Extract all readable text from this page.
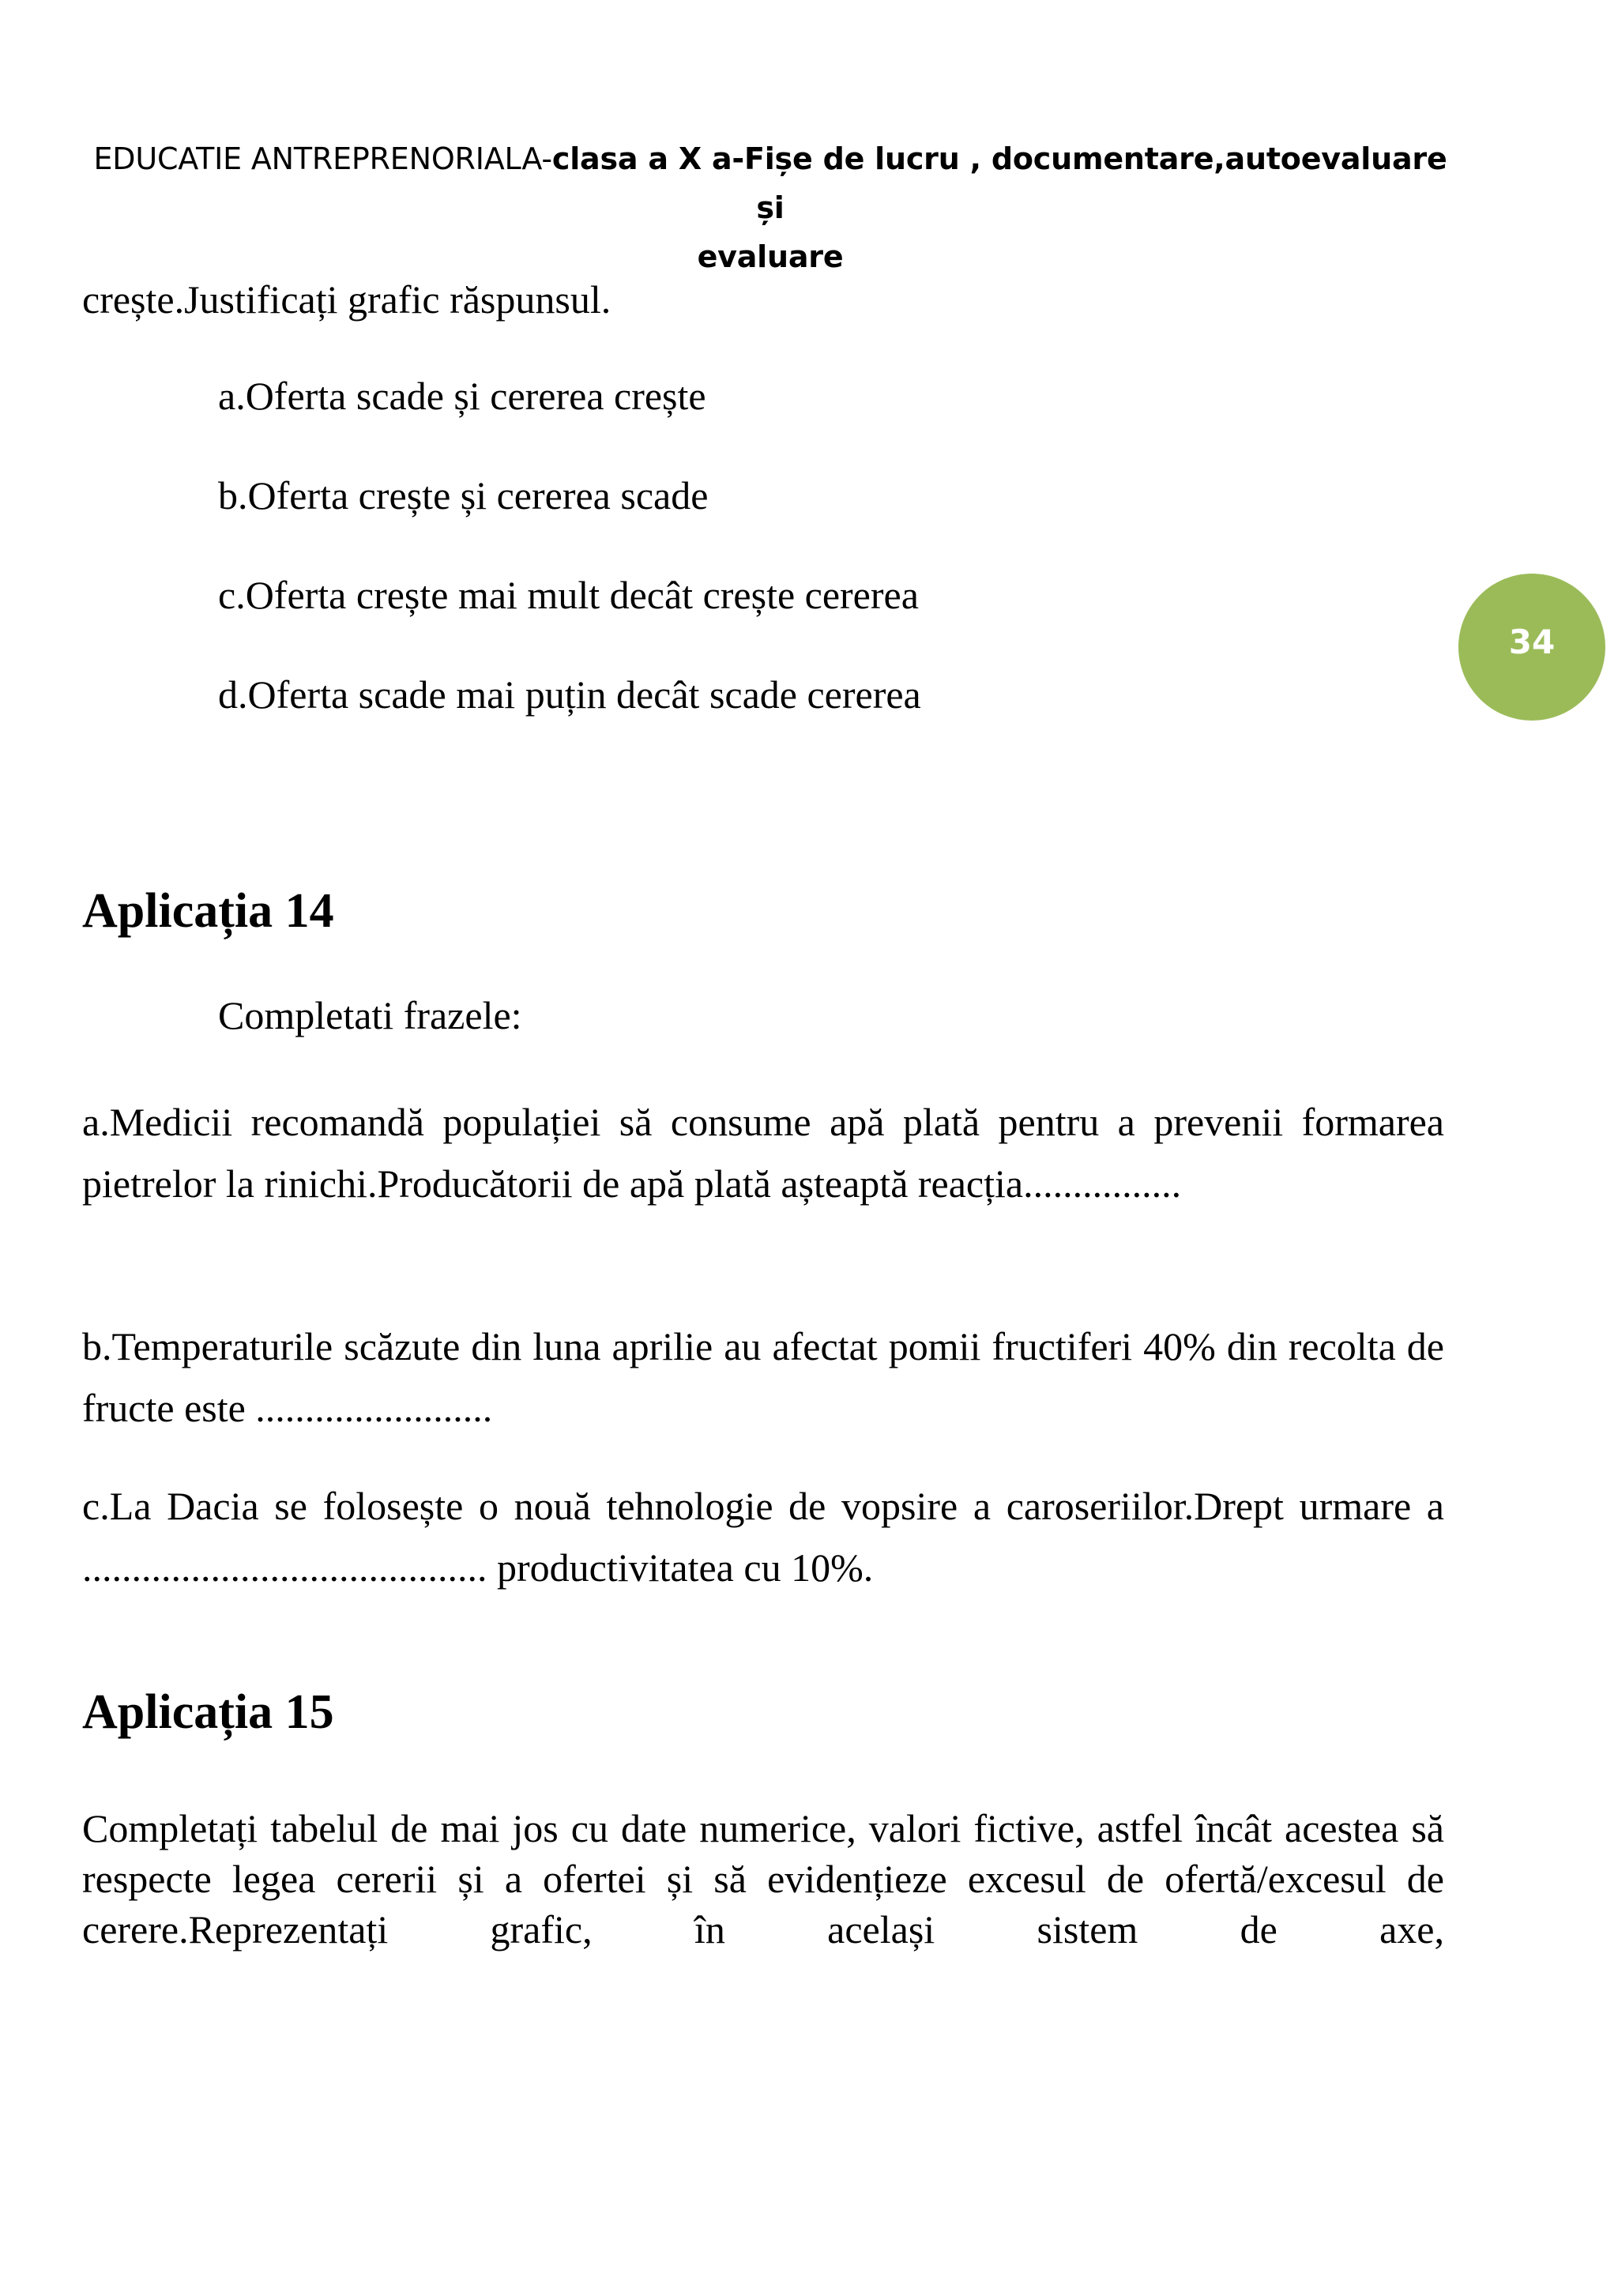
EDUCATIE ANTREPRENORIALA-clasa a X a-Fișe de lucru , documentare,autoevaluare și
evaluare
34
crește.Justificați grafic răspunsul.
a.Oferta scade și cererea crește
b.Oferta crește și cererea scade
c.Oferta crește mai mult decât crește cererea
d.Oferta scade mai puțin decât scade cererea
Aplicația 14
Completati frazele:
a.Medicii recomandă populației să consume apă plată pentru a prevenii formarea pietrelor la rinichi.Producătorii de apă plată așteaptă reacția................
b.Temperaturile scăzute din luna aprilie au afectat pomii fructiferi 40% din recolta de fructe este ........................
c.La Dacia se folosește o nouă tehnologie de vopsire a caroseriilor.Drept urmare a ......................................... productivitatea cu 10%.
Aplicația 15
Completați tabelul de mai jos cu date numerice, valori fictive, astfel încât acestea să respecte legea cererii și a ofertei și să evidențieze excesul de ofertă/excesul de cerere.Reprezentați grafic, în același sistem de axe,
